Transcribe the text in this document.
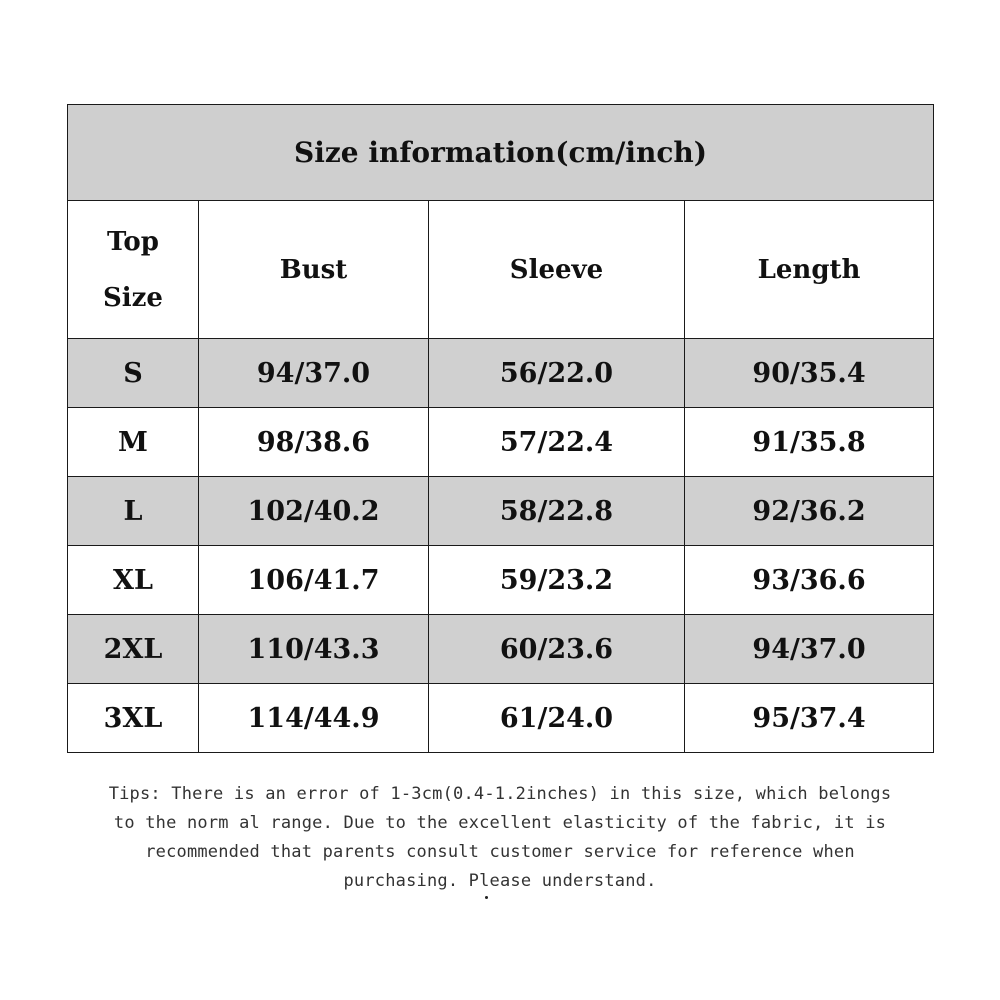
Size information(cm/inch)			

Top
Size	Bust	Sleeve	Length
S	94/37.0	56/22.0	90/35.4
M	98/38.6	57/22.4	91/35.8
L	102/40.2	58/22.8	92/36.2
XL	106/41.7	59/23.2	93/36.6
2XL	110/43.3	60/23.6	94/37.0
3XL	114/44.9	61/24.0	95/37.4
Tips: There is an error of 1-3cm(0.4-1.2inches) in this size, which belongs
to the norm al range. Due to the excellent elasticity of the fabric, it is
recommended that parents consult customer service for reference when
purchasing. Please understand.
